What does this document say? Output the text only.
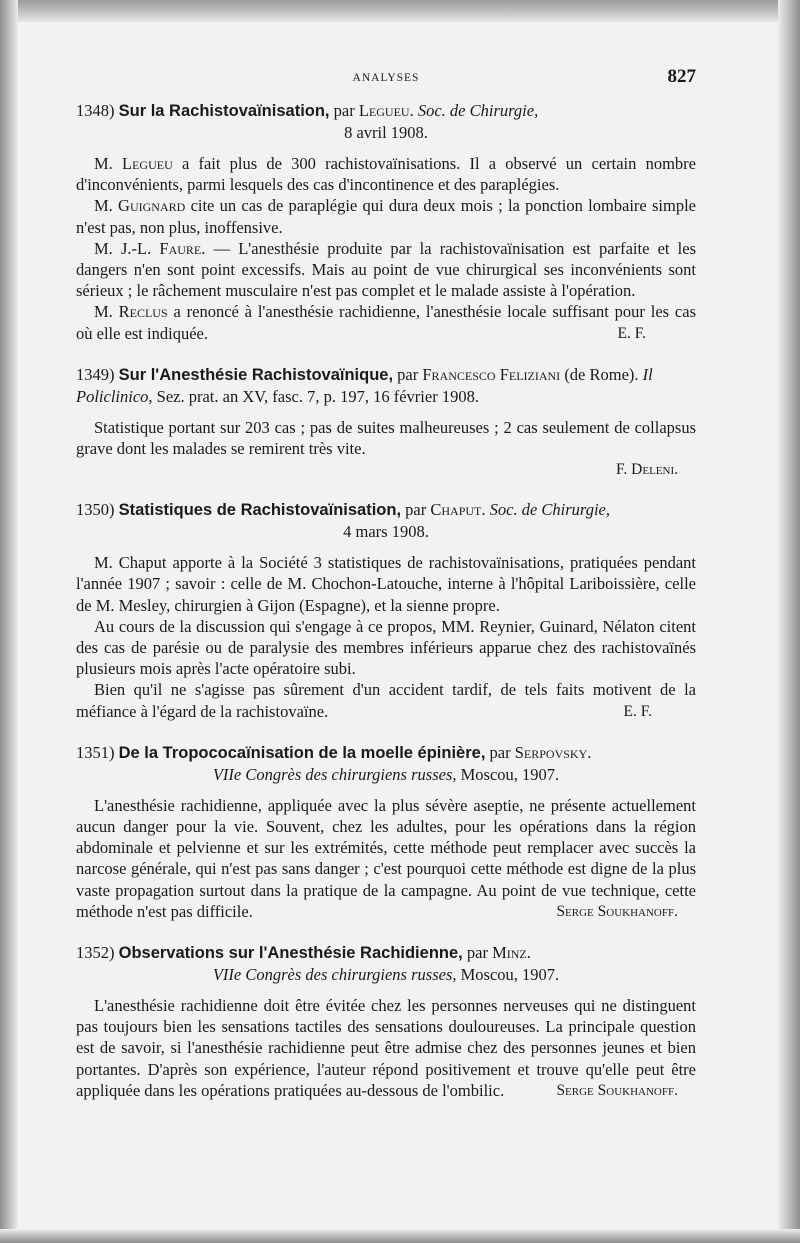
ANALYSES	827

1348) Sur la Rachistovaïnisation, par Legueu. Soc. de Chirurgie,
8 avril 1908.

M. Legueu a fait plus de 300 rachistovaïnisations. Il a observé un certain nombre d'inconvénients, parmi lesquels des cas d'incontinence et des paraplégies.

M. Guignard cite un cas de paraplégie qui dura deux mois ; la ponction lombaire simple n'est pas, non plus, inoffensive.

M. J.-L. Faure. — L'anesthésie produite par la rachistovaïnisation est parfaite et les dangers n'en sont point excessifs. Mais au point de vue chirurgical ses inconvénients sont sérieux ; le râchement musculaire n'est pas complet et le malade assiste à l'opération.

M. Reclus a renoncé à l'anesthésie rachidienne, l'anesthésie locale suffisant pour les cas où elle est indiquée.	E. F.

1349) Sur l'Anesthésie Rachistovaïnique, par Francesco Feliziani (de Rome). Il Policlinico, Sez. prat. an XV, fasc. 7, p. 197, 16 février 1908.

Statistique portant sur 203 cas ; pas de suites malheureuses ; 2 cas seulement de collapsus grave dont les malades se remirent très vite.

F. Deleni.

1350) Statistiques de Rachistovaïnisation, par Chaput. Soc. de Chirurgie,
4 mars 1908.

M. Chaput apporte à la Société 3 statistiques de rachistovaïnisations, pratiquées pendant l'année 1907 ; savoir : celle de M. Chochon-Latouche, interne à l'hôpital Lariboissière, celle de M. Mesley, chirurgien à Gijon (Espagne), et la sienne propre.

Au cours de la discussion qui s'engage à ce propos, MM. Reynier, Guinard, Nélaton citent des cas de parésie ou de paralysie des membres inférieurs apparue chez des rachistovaïnés plusieurs mois après l'acte opératoire subi.

Bien qu'il ne s'agisse pas sûrement d'un accident tardif, de tels faits motivent de la méfiance à l'égard de la rachistovaïne.	E. F.

1351) De la Tropococaïnisation de la moelle épinière, par Serpovsky.
VIIe Congrès des chirurgiens russes, Moscou, 1907.

L'anesthésie rachidienne, appliquée avec la plus sévère aseptie, ne présente actuellement aucun danger pour la vie. Souvent, chez les adultes, pour les opérations dans la région abdominale et pelvienne et sur les extrémités, cette méthode peut remplacer avec succès la narcose générale, qui n'est pas sans danger ; c'est pourquoi cette méthode est digne de la plus vaste propagation surtout dans la pratique de la campagne. Au point de vue technique, cette méthode n'est pas difficile.	Serge Soukhanoff.

1352) Observations sur l'Anesthésie Rachidienne, par Minz.
VIIe Congrès des chirurgiens russes, Moscou, 1907.

L'anesthésie rachidienne doit être évitée chez les personnes nerveuses qui ne distinguent pas toujours bien les sensations tactiles des sensations douloureuses. La principale question est de savoir, si l'anesthésie rachidienne peut être admise chez des personnes jeunes et bien portantes. D'après son expérience, l'auteur répond positivement et trouve qu'elle peut être appliquée dans les opérations pratiquées au-dessous de l'ombilic.	Serge Soukhanoff.
